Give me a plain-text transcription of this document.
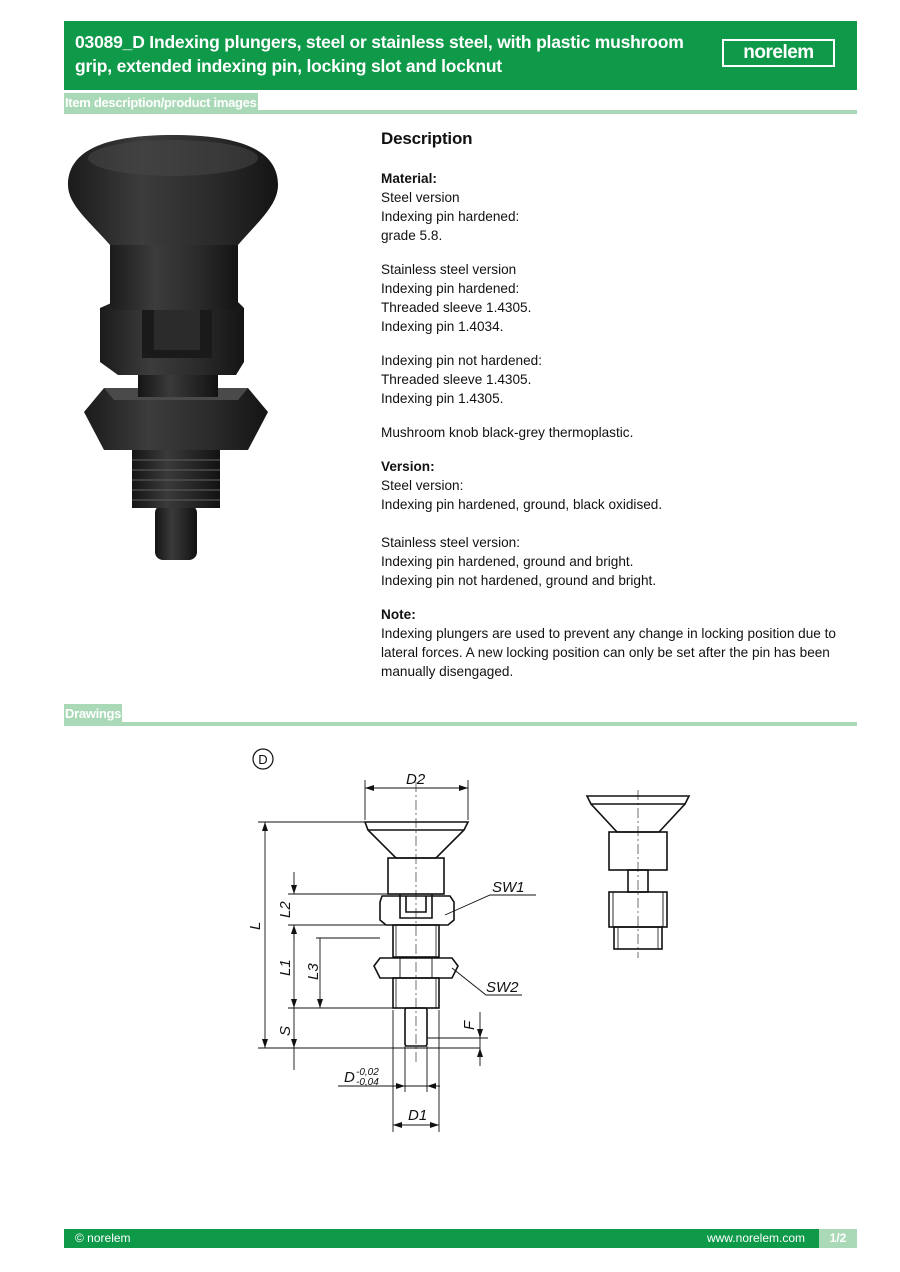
03089_D Indexing plungers, steel or stainless steel, with plastic mushroom grip, extended indexing pin, locking slot and locknut
norelem
Item description/product images
Description
Material:
Steel version
Indexing pin hardened:
grade 5.8.
Stainless steel version
Indexing pin hardened:
Threaded sleeve 1.4305.
Indexing pin 1.4034.
Indexing pin not hardened:
Threaded sleeve 1.4305.
Indexing pin 1.4305.
Mushroom knob black-grey thermoplastic.
Version:
Steel version:
Indexing pin hardened, ground, black oxidised.
Stainless steel version:
Indexing pin hardened, ground and bright.
Indexing pin not hardened, ground and bright.
Note:
Indexing plungers are used to prevent any change in locking position due to lateral forces. A new locking position can only be set after the pin has been manually disengaged.
Drawings
D
D2
L
L2
L1 L3
S
F
SW1
SW2
D -0,02
-0,04
D1
© norelem	www.norelem.com	1/2
